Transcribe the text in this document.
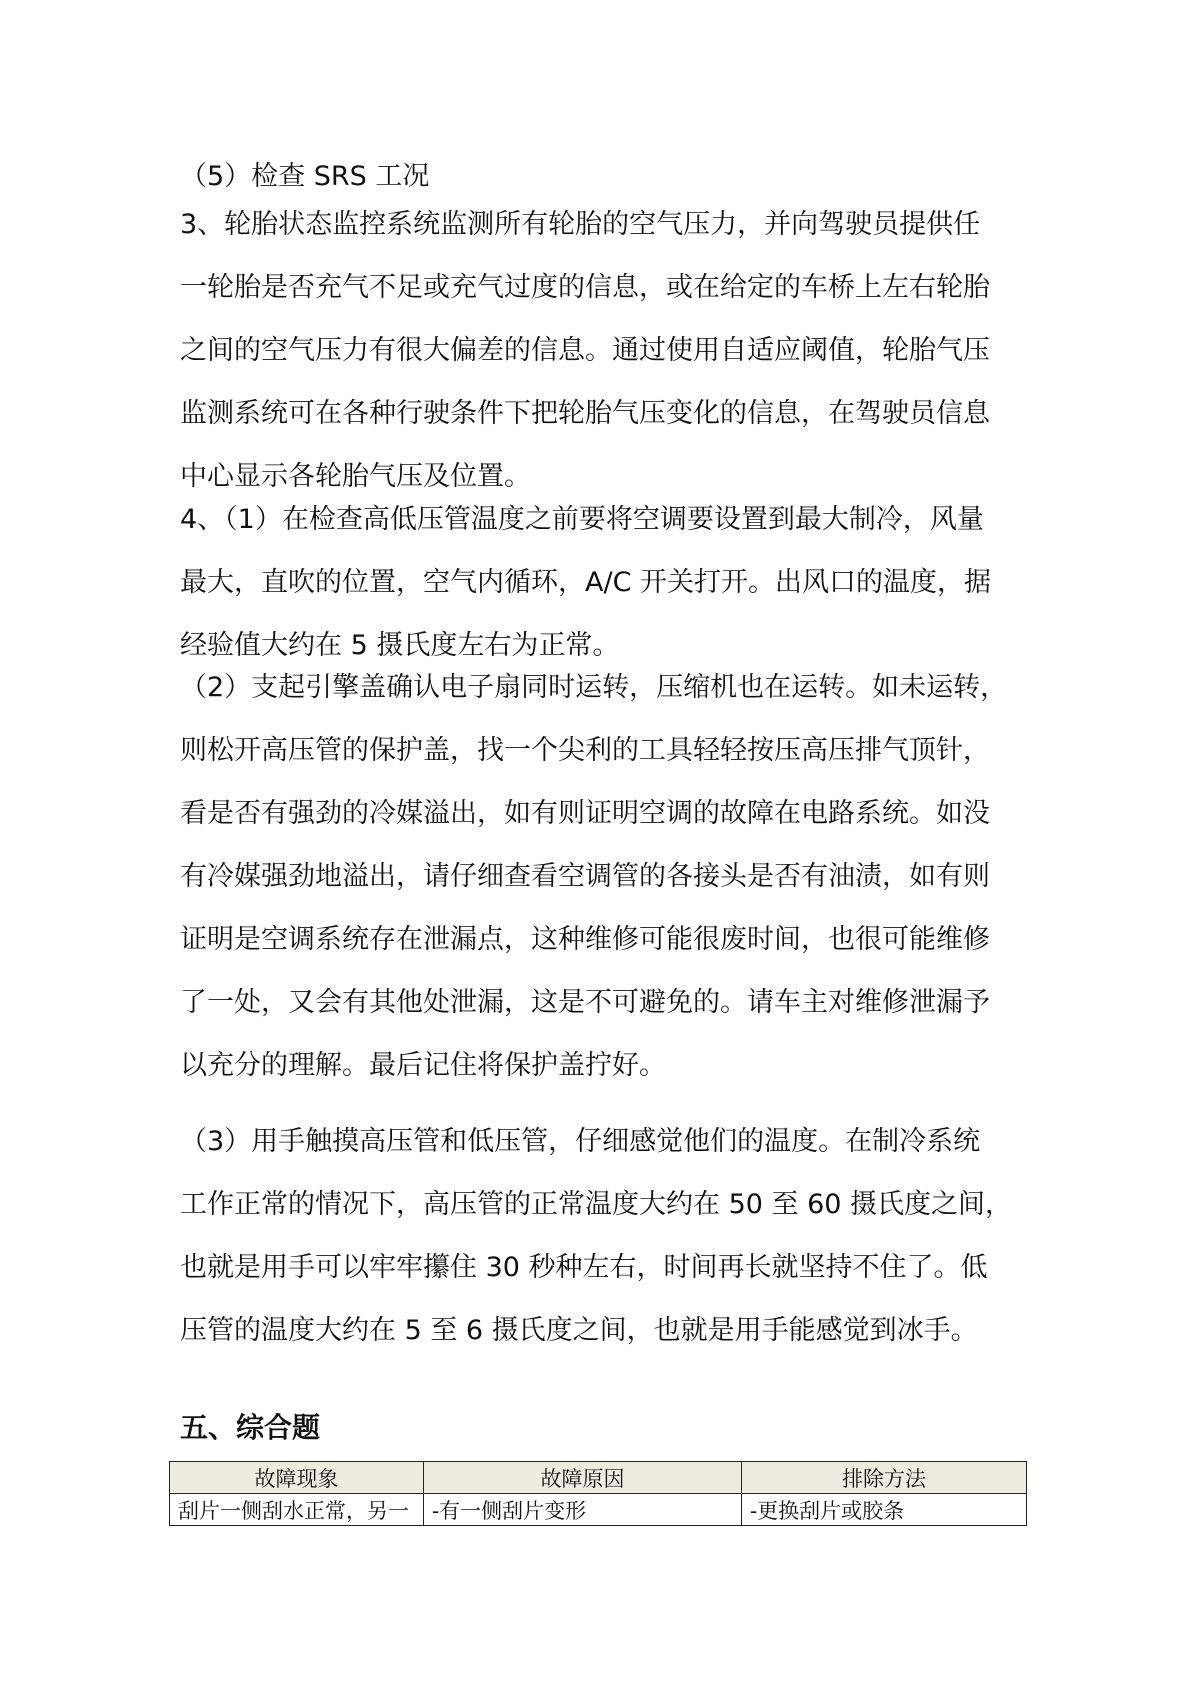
（5）检查 SRS 工况

3、轮胎状态监控系统监测所有轮胎的空气压力，并向驾驶员提供任
一轮胎是否充气不足或充气过度的信息，或在给定的车桥上左右轮胎
之间的空气压力有很大偏差的信息。通过使用自适应阈值，轮胎气压
监测系统可在各种行驶条件下把轮胎气压变化的信息，在驾驶员信息
中心显示各轮胎气压及位置。

4、（1）在检查高低压管温度之前要将空调要设置到最大制冷，风量
最大，直吹的位置，空气内循环，A/C 开关打开。出风口的温度，据
经验值大约在 5 摄氏度左右为正常。

（2）支起引擎盖确认电子扇同时运转，压缩机也在运转。如未运转，
则松开高压管的保护盖，找一个尖利的工具轻轻按压高压排气顶针，
看是否有强劲的冷媒溢出，如有则证明空调的故障在电路系统。如没
有冷媒强劲地溢出，请仔细查看空调管的各接头是否有油渍，如有则
证明是空调系统存在泄漏点，这种维修可能很废时间，也很可能维修
了一处，又会有其他处泄漏，这是不可避免的。请车主对维修泄漏予
以充分的理解。最后记住将保护盖拧好。

（3）用手触摸高压管和低压管，仔细感觉他们的温度。在制冷系统
工作正常的情况下，高压管的正常温度大约在 50 至 60 摄氏度之间，
也就是用手可以牢牢攥住 30 秒种左右，时间再长就坚持不住了。低
压管的温度大约在 5 至 6 摄氏度之间，也就是用手能感觉到冰手。

五、综合题
故障现象	故障原因	排除方法
刮片一侧刮水正常，另一	-有一侧刮片变形	-更换刮片或胶条
